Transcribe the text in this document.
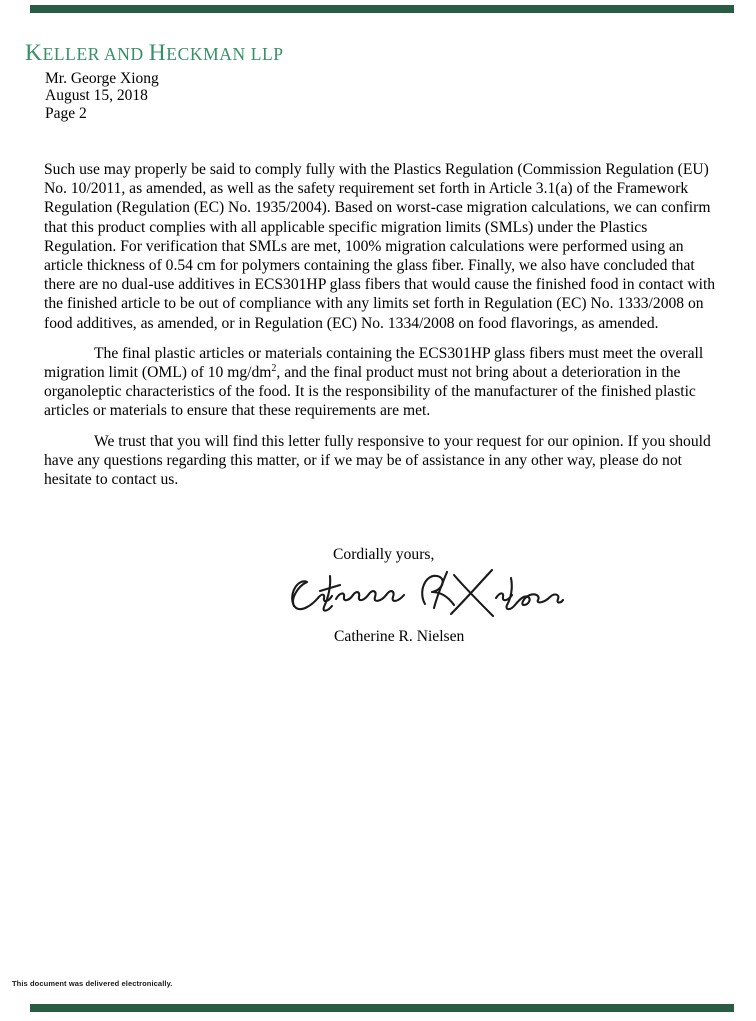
KELLER AND HECKMAN LLP
Mr. George Xiong
August 15, 2018
Page 2

Such use may properly be said to comply fully with the Plastics Regulation (Commission Regulation (EU) No. 10/2011, as amended, as well as the safety requirement set forth in Article 3.1(a) of the Framework Regulation (Regulation (EC) No. 1935/2004). Based on worst-case migration calculations, we can confirm that this product complies with all applicable specific migration limits (SMLs) under the Plastics Regulation. For verification that SMLs are met, 100% migration calculations were performed using an article thickness of 0.54 cm for polymers containing the glass fiber. Finally, we also have concluded that there are no dual-use additives in ECS301HP glass fibers that would cause the finished food in contact with the finished article to be out of compliance with any limits set forth in Regulation (EC) No. 1333/2008 on food additives, as amended, or in Regulation (EC) No. 1334/2008 on food flavorings, as amended.

The final plastic articles or materials containing the ECS301HP glass fibers must meet the overall migration limit (OML) of 10 $mg/dm^2$, and the final product must not bring about a deterioration in the organoleptic characteristics of the food. It is the responsibility of the manufacturer of the finished plastic articles or materials to ensure that these requirements are met.

We trust that you will find this letter fully responsive to your request for our opinion. If you should have any questions regarding this matter, or if we may be of assistance in any other way, please do not hesitate to contact us.

Cordially yours,
Catherine R. Nielsen
This document was delivered electronically.
